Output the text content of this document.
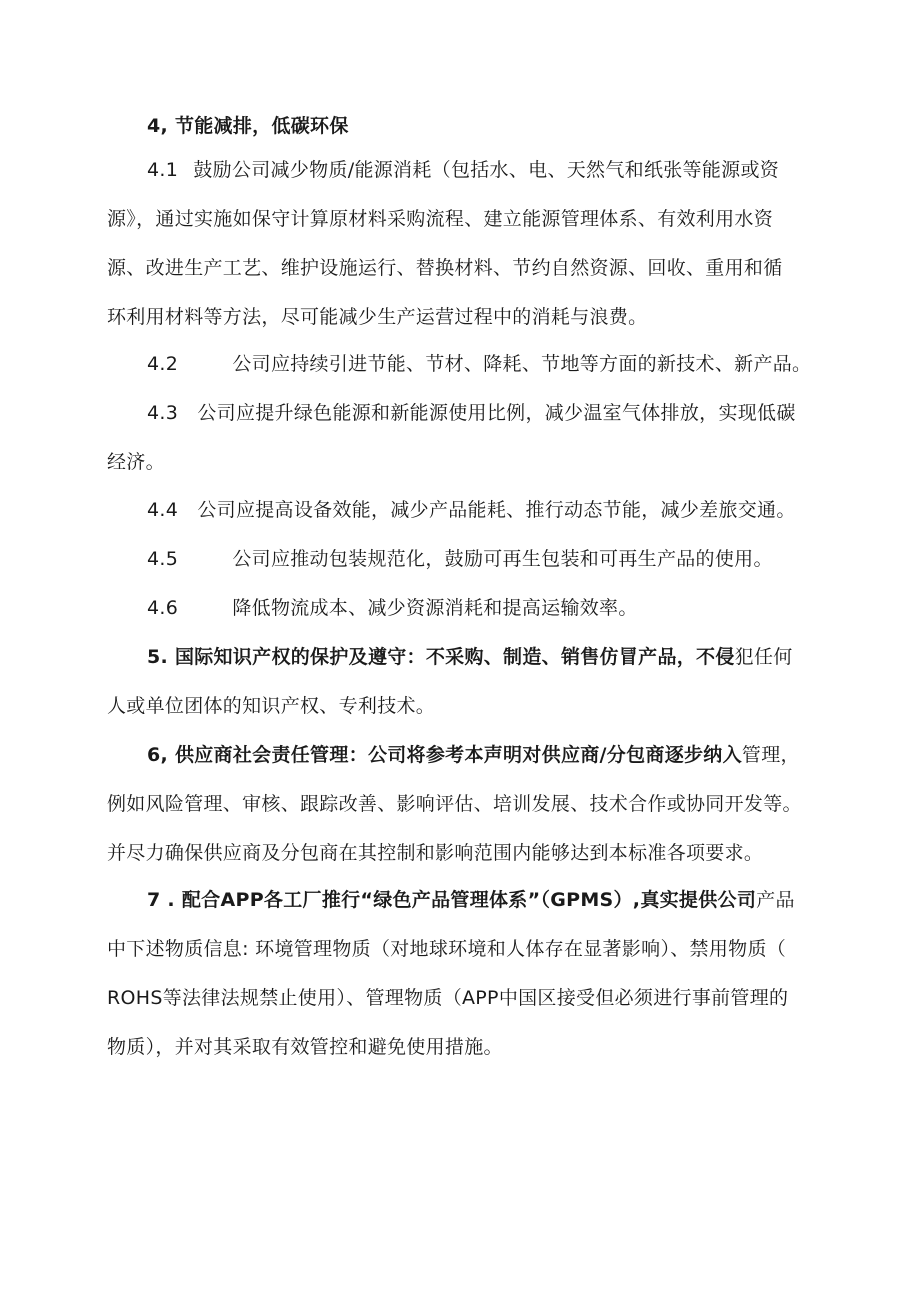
4, 节能减排，低碳环保
4.1 鼓励公司减少物质/能源消耗（包括水、电、天然气和纸张等能源或资
源》，通过实施如保守计算原材料采购流程、建立能源管理体系、有效利用水资
源、改进生产工艺、维护设施运行、替换材料、节约自然资源、回收、重用和循
环利用材料等方法，尽可能减少生产运营过程中的消耗与浪费。
4.2	公司应持续引进节能、节材、降耗、节地等方面的新技术、新产品。
4.3 公司应提升绿色能源和新能源使用比例，减少温室气体排放，实现低碳
经济。
4.4 公司应提高设备效能，减少产品能耗、推行动态节能，减少差旅交通。
4.5	公司应推动包装规范化，鼓励可再生包装和可再生产品的使用。
4.6	降低物流成本、减少资源消耗和提高运输效率。
5. 国际知识产权的保护及遵守：不采购、制造、销售仿冒产品，不侵犯任何
人或单位团体的知识产权、专利技术。
6, 供应商社会责任管理：公司将参考本声明对供应商/分包商逐步纳入管理，
例如风险管理、审核、跟踪改善、影响评估、培训发展、技术合作或协同开发等。
并尽力确保供应商及分包商在其控制和影响范围内能够达到本标准各项要求。
7 . 配合APP各工厂推行“绿色产品管理体系”（GPMS）,真实提供公司产品
中下述物质信息: 环境管理物质（对地球环境和人体存在显著影响）、禁用物质（
ROHS等法律法规禁止使用）、管理物质（APP中国区接受但必须进行事前管理的
物质），并对其采取有效管控和避免使用措施。
